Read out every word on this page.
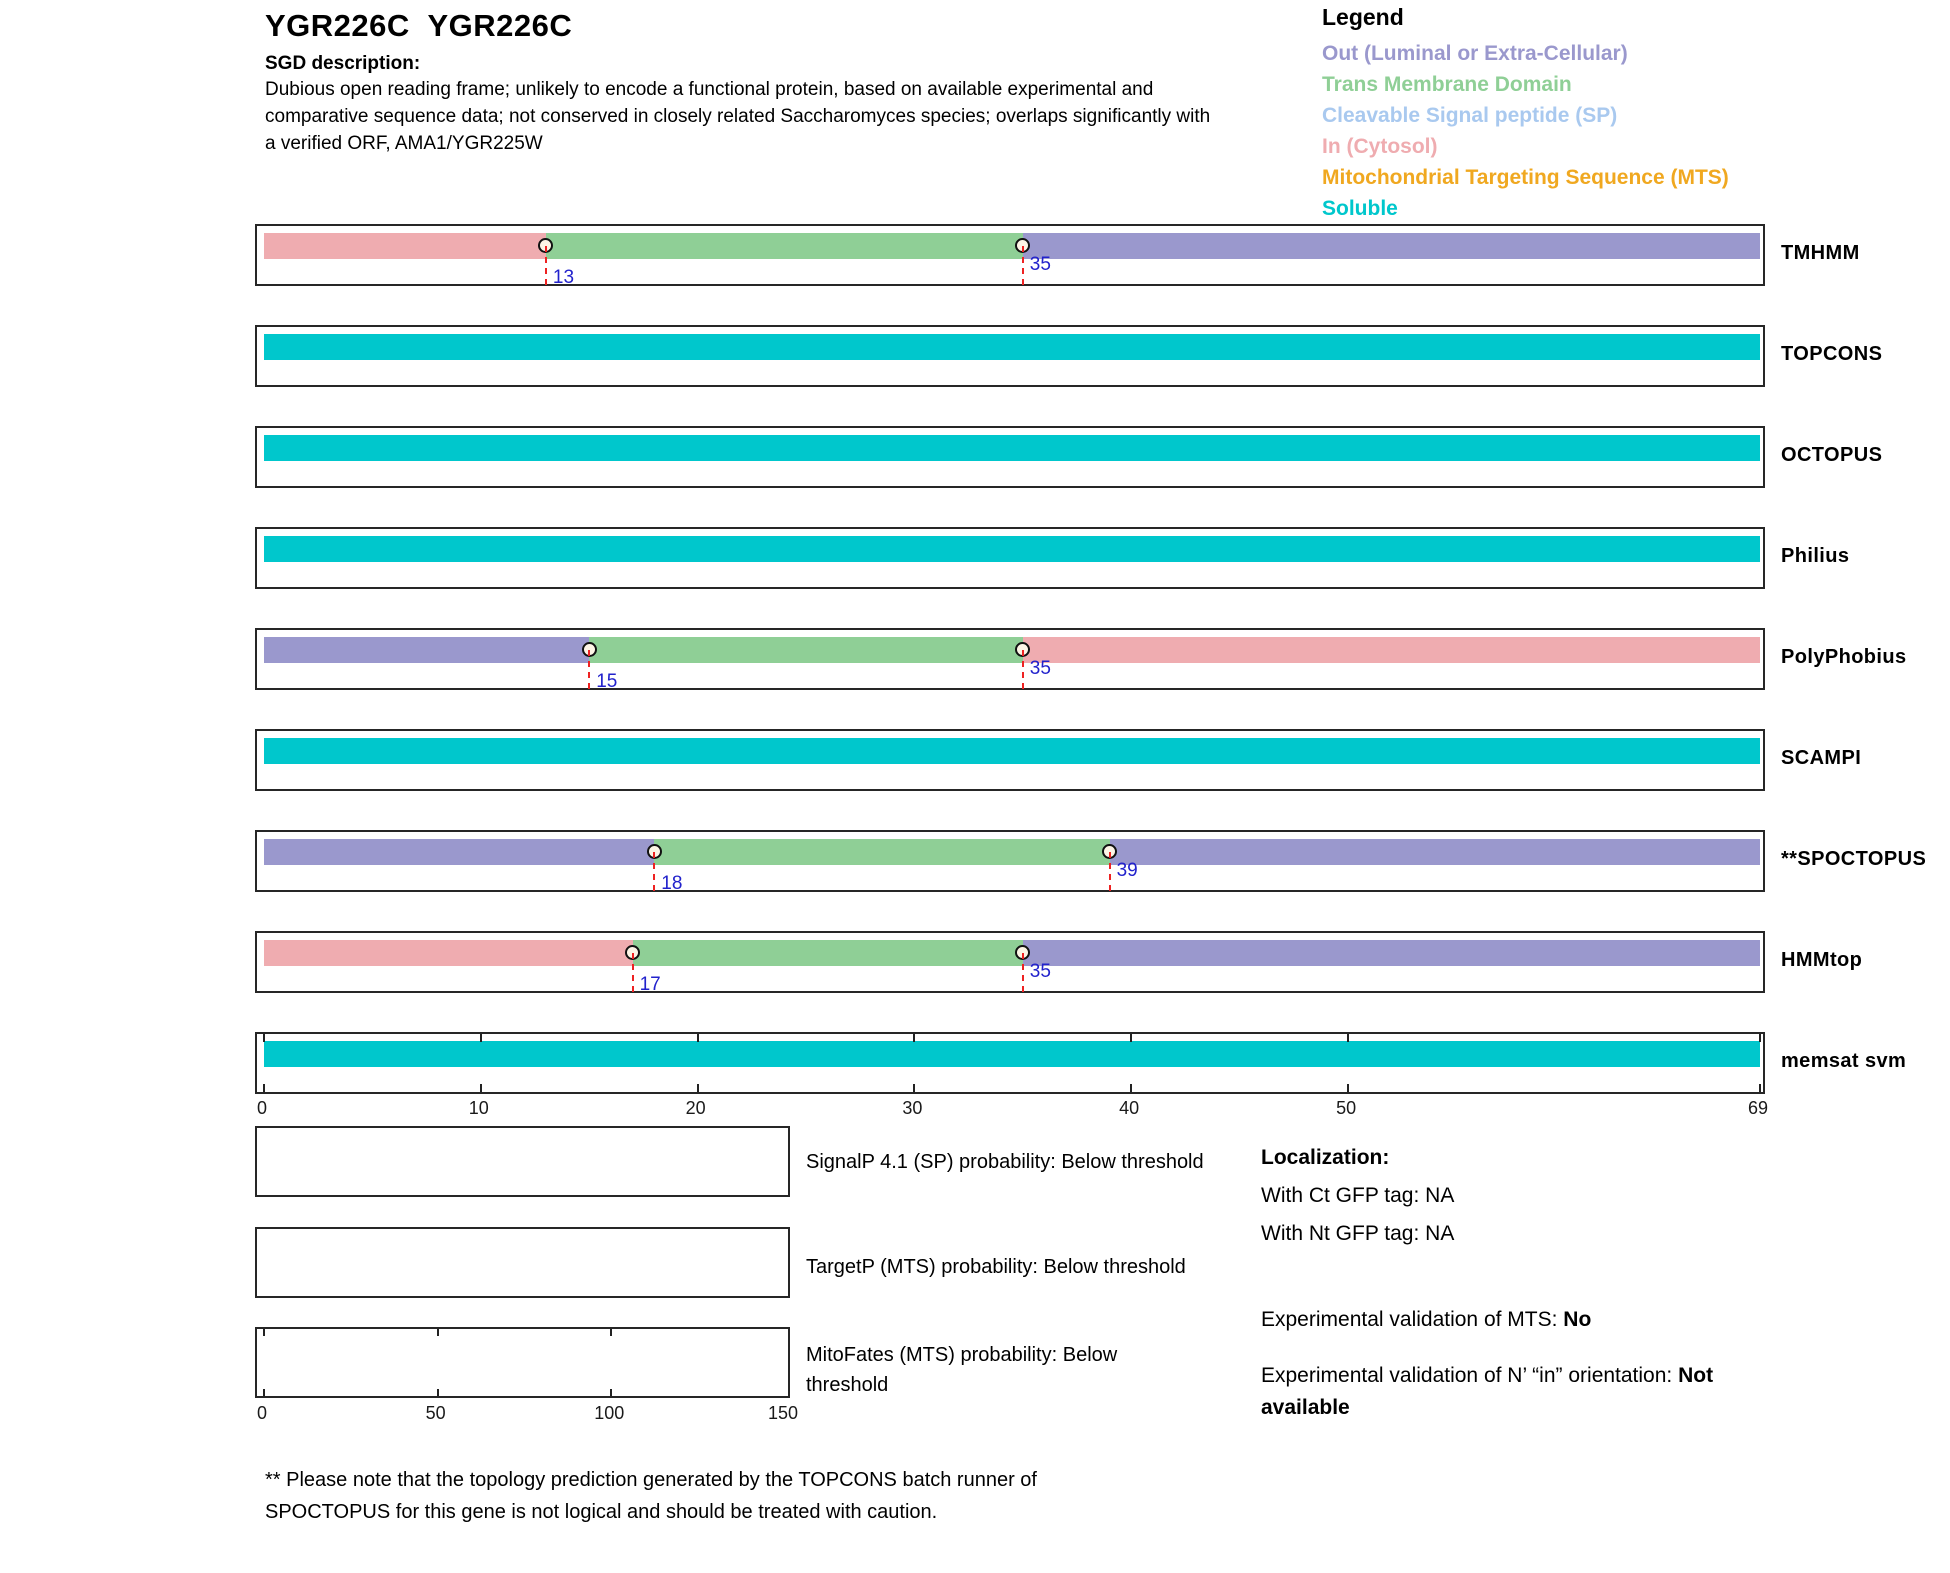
YGR226C  YGR226C
SGD description:
Dubious open reading frame; unlikely to encode a functional protein, based on available experimental and comparative sequence data; not conserved in closely related Saccharomyces species; overlaps significantly with a verified ORF, AMA1/YGR225W
Legend
Out (Luminal or Extra-Cellular)
Trans Membrane Domain
Cleavable Signal peptide (SP)
In (Cytosol)
Mitochondrial Targeting Sequence (MTS)
Soluble
13
35
TMHMM
TOPCONS
OCTOPUS
Philius
15
35
PolyPhobius
SCAMPI
18
39
**SPOCTOPUS
17
35
HMMtop
memsat svm
0	10	20	30	40	50	69
0	50	100	150
SignalP 4.1 (SP) probability: Below threshold
TargetP (MTS) probability: Below threshold
MitoFates (MTS) probability: Below threshold
Localization:
With Ct GFP tag: NA
With Nt GFP tag: NA
Experimental validation of MTS: No
Experimental validation of N’ “in” orientation: Not available
** Please note that the topology prediction generated by the TOPCONS batch runner of
SPOCTOPUS for this gene is not logical and should be treated with caution.
